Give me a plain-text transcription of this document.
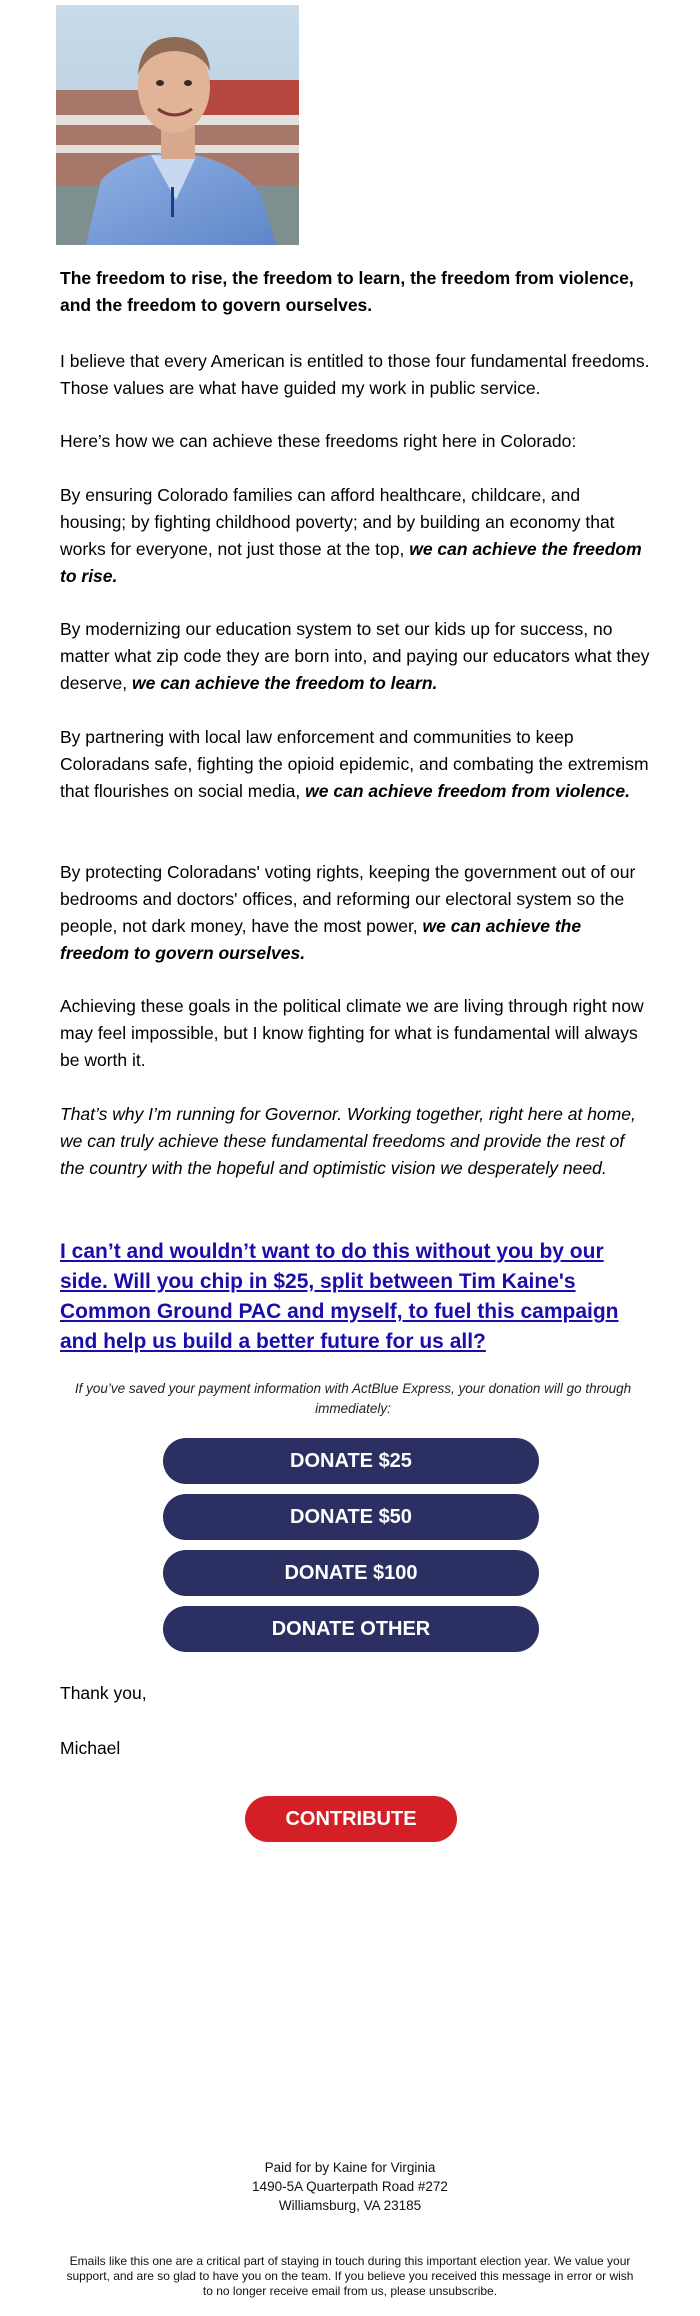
The freedom to rise, the freedom to learn, the freedom from violence, and the freedom to govern ourselves.

I believe that every American is entitled to those four fundamental freedoms. Those values are what have guided my work in public service.

Here’s how we can achieve these freedoms right here in Colorado:

By ensuring Colorado families can afford healthcare, childcare, and housing; by fighting childhood poverty; and by building an economy that works for everyone, not just those at the top, we can achieve the freedom to rise.

By modernizing our education system to set our kids up for success, no matter what zip code they are born into, and paying our educators what they deserve, we can achieve the freedom to learn.

By partnering with local law enforcement and communities to keep Coloradans safe, fighting the opioid epidemic, and combating the extremism that flourishes on social media, we can achieve freedom from violence.

By protecting Coloradans' voting rights, keeping the government out of our bedrooms and doctors' offices, and reforming our electoral system so the people, not dark money, have the most power, we can achieve the freedom to govern ourselves.

Achieving these goals in the political climate we are living through right now may feel impossible, but I know fighting for what is fundamental will always be worth it.

That’s why I’m running for Governor. Working together, right here at home, we can truly achieve these fundamental freedoms and provide the rest of the country with the hopeful and optimistic vision we desperately need.

I can’t and wouldn’t want to do this without you by our side. Will you chip in $25, split between Tim Kaine's Common Ground PAC and myself, to fuel this campaign and help us build a better future for us all?

If you’ve saved your payment information with ActBlue Express, your donation will go through immediately:
DONATE $25
DONATE $50
DONATE $100
DONATE OTHER
Thank you,
Michael
CONTRIBUTE
Paid for by Kaine for Virginia
1490-5A Quarterpath Road #272
Williamsburg, VA 23185
Emails like this one are a critical part of staying in touch during this important election year. We value your support, and are so glad to have you on the team. If you believe you received this message in error or wish to no longer receive email from us, please unsubscribe.
